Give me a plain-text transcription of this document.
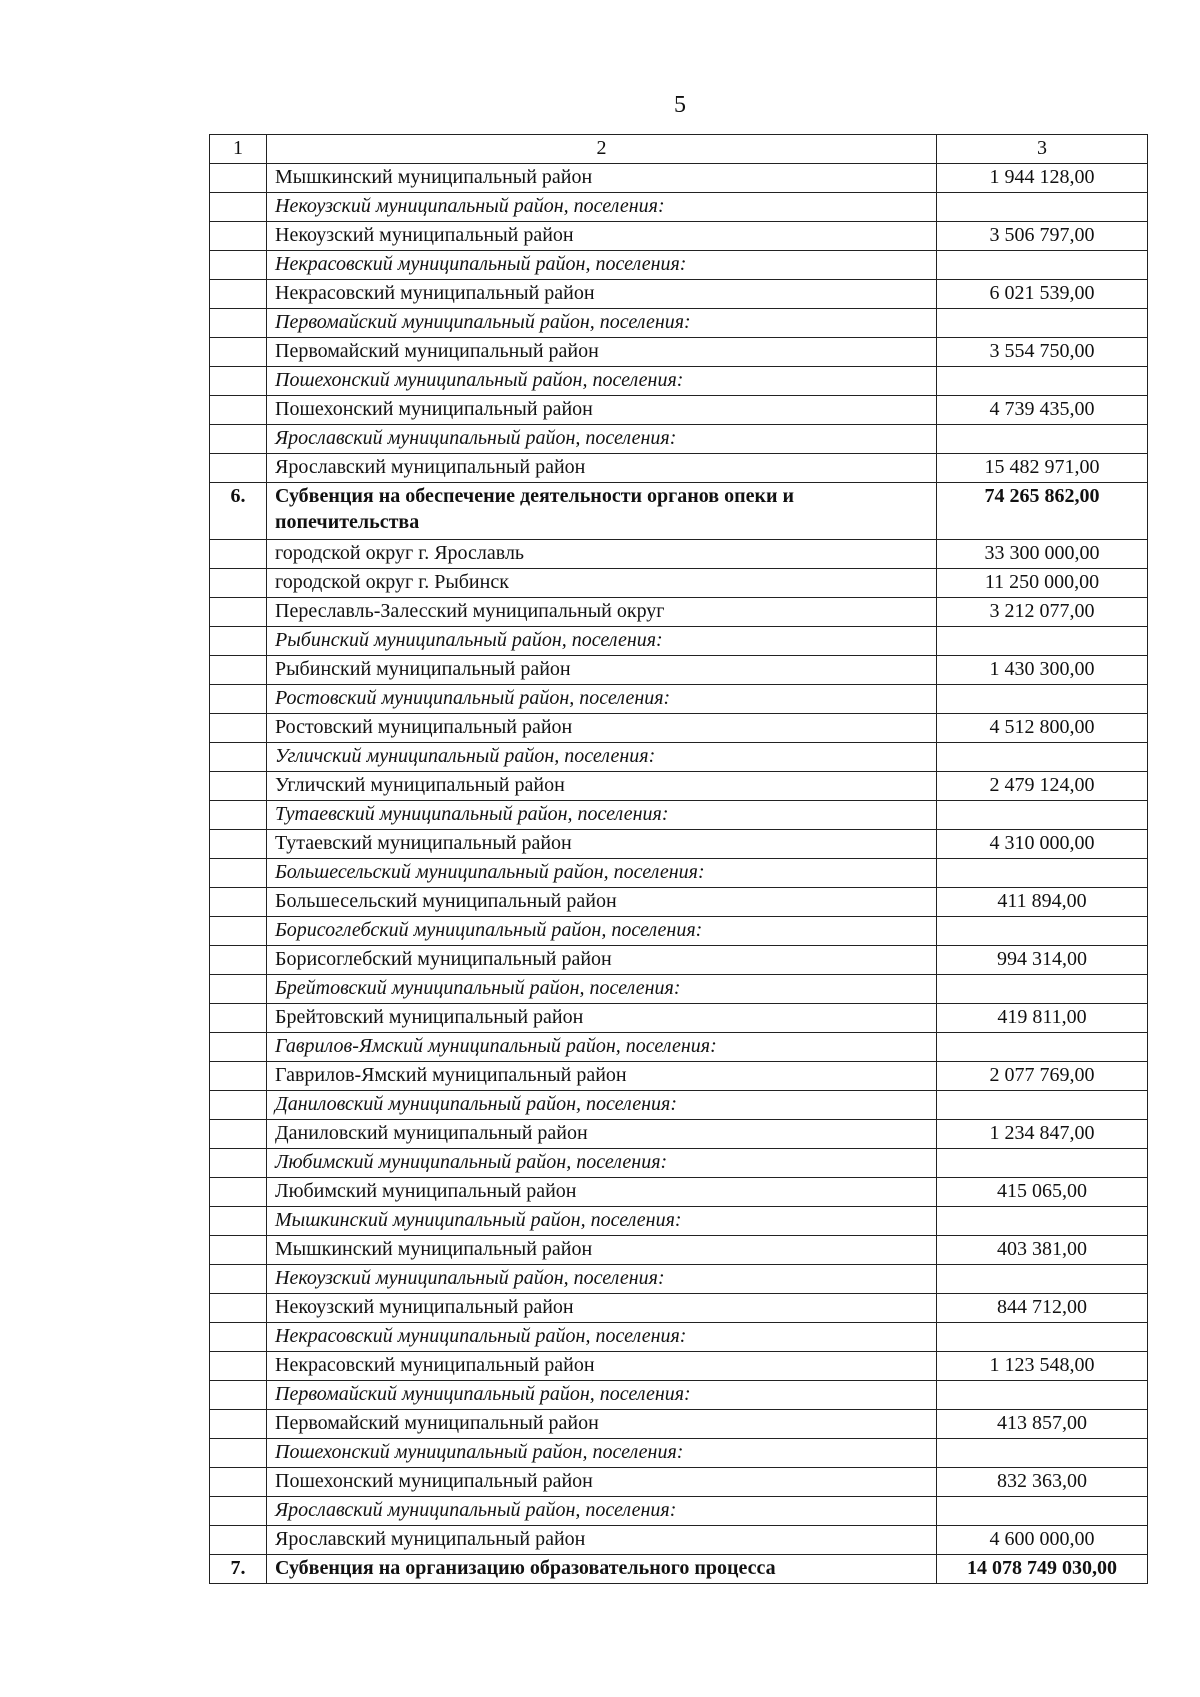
5
1	2	3
	Мышкинский муниципальный район	1 944 128,00
	Некоузский муниципальный район, поселения:	
	Некоузский муниципальный район	3 506 797,00
	Некрасовский муниципальный район, поселения:	
	Некрасовский муниципальный район	6 021 539,00
	Первомайский муниципальный район, поселения:	
	Первомайский муниципальный район	3 554 750,00
	Пошехонский муниципальный район, поселения:	
	Пошехонский муниципальный район	4 739 435,00
	Ярославский муниципальный район, поселения:	
	Ярославский муниципальный район	15 482 971,00
6.	Субвенция на обеспечение деятельности органов опеки и попечительства	74 265 862,00
	городской округ г. Ярославль	33 300 000,00
	городской округ г. Рыбинск	11 250 000,00
	Переславль-Залесский муниципальный округ	3 212 077,00
	Рыбинский муниципальный район, поселения:	
	Рыбинский муниципальный район	1 430 300,00
	Ростовский муниципальный район, поселения:	
	Ростовский муниципальный район	4 512 800,00
	Угличский муниципальный район, поселения:	
	Угличский муниципальный район	2 479 124,00
	Тутаевский муниципальный район, поселения:	
	Тутаевский муниципальный район	4 310 000,00
	Большесельский муниципальный район, поселения:	
	Большесельский муниципальный район	411 894,00
	Борисоглебский муниципальный район, поселения:	
	Борисоглебский муниципальный район	994 314,00
	Брейтовский муниципальный район, поселения:	
	Брейтовский муниципальный район	419 811,00
	Гаврилов-Ямский муниципальный район, поселения:	
	Гаврилов-Ямский муниципальный район	2 077 769,00
	Даниловский муниципальный район, поселения:	
	Даниловский муниципальный район	1 234 847,00
	Любимский муниципальный район, поселения:	
	Любимский муниципальный район	415 065,00
	Мышкинский муниципальный район, поселения:	
	Мышкинский муниципальный район	403 381,00
	Некоузский муниципальный район, поселения:	
	Некоузский муниципальный район	844 712,00
	Некрасовский муниципальный район, поселения:	
	Некрасовский муниципальный район	1 123 548,00
	Первомайский муниципальный район, поселения:	
	Первомайский муниципальный район	413 857,00
	Пошехонский муниципальный район, поселения:	
	Пошехонский муниципальный район	832 363,00
	Ярославский муниципальный район, поселения:	
	Ярославский муниципальный район	4 600 000,00
7.	Субвенция на организацию образовательного процесса	14 078 749 030,00
